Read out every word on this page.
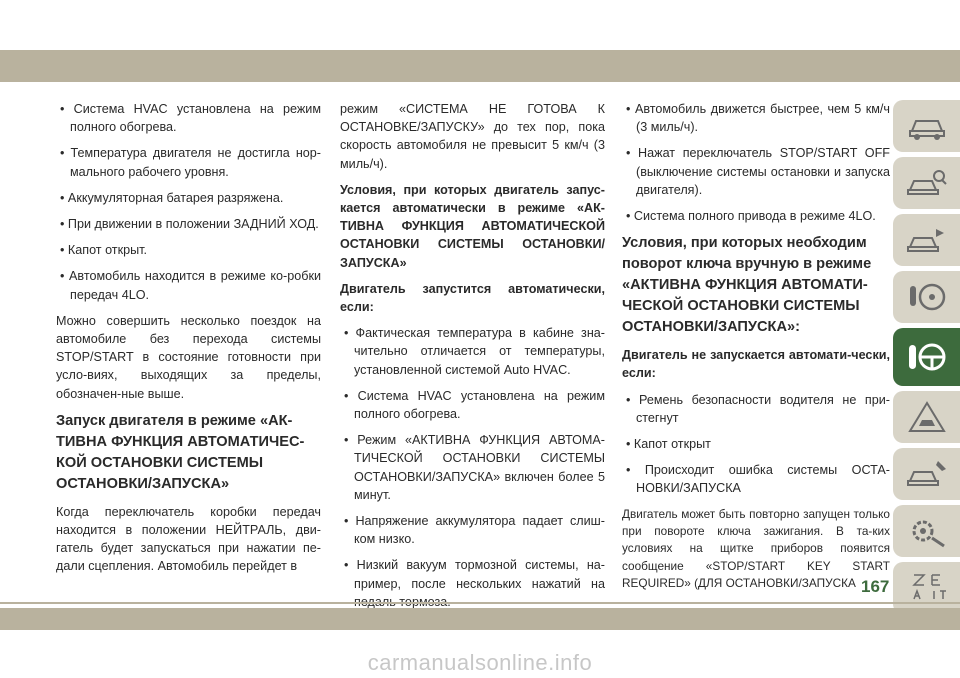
• Система HVAC установлена на режим полного обогрева.

• Температура двигателя не достигла нор-мального рабочего уровня.

• Аккумуляторная батарея разряжена.

• При движении в положении ЗАДНИЙ ХОД.

• Капот открыт.

• Автомобиль находится в режиме ко-робки передач 4LO.

Можно совершить несколько поездок на автомобиле без перехода системы STOP/START в состояние готовности при усло-виях, выходящих за пределы, обозначен-ные выше.

Запуск двигателя в режиме «АК-ТИВНА ФУНКЦИЯ АВТОМАТИЧЕС-КОЙ ОСТАНОВКИ СИСТЕМЫ ОСТАНОВКИ/ЗАПУСКА»

Когда переключатель коробки передач находится в положении НЕЙТРАЛЬ, дви-гатель будет запускаться при нажатии пе-дали сцепления. Автомобиль перейдет в

режим «СИСТЕМА НЕ ГОТОВА К ОСТАНОВКЕ/ЗАПУСКУ» до тех пор, пока скорость автомобиля не превысит 5 км/ч (3 миль/ч).

Условия, при которых двигатель запус-кается автоматически в режиме «АК-ТИВНА ФУНКЦИЯ АВТОМАТИЧЕСКОЙ ОСТАНОВКИ СИСТЕМЫ ОСТАНОВКИ/ЗАПУСКА»

Двигатель запустится автоматически, если:

• Фактическая температура в кабине зна-чительно отличается от температуры, установленной системой Auto HVAC.

• Система HVAC установлена на режим полного обогрева.

• Режим «АКТИВНА ФУНКЦИЯ АВТОМА-ТИЧЕСКОЙ ОСТАНОВКИ СИСТЕМЫ ОСТАНОВКИ/ЗАПУСКА» включен более 5 минут.

• Напряжение аккумулятора падает слиш-ком низко.

• Низкий вакуум тормозной системы, на-пример, после нескольких нажатий на

• Автомобиль движется быстрее, чем 5 км/ч (3 миль/ч).

• Нажат переключатель STOP/START OFF (выключение системы остановки и запуска двигателя).

• Система полного привода в режиме 4LO.

Условия, при которых необходим поворот ключа вручную в режиме «АКТИВНА ФУНКЦИЯ АВТОМАТИ-ЧЕСКОЙ ОСТАНОВКИ СИСТЕМЫ ОСТАНОВКИ/ЗАПУСКА»:

Двигатель не запускается автомати-чески, если:

• Ремень безопасности водителя не при-стегнут

• Капот открыт

• Происходит ошибка системы ОСТА-НОВКИ/ЗАПУСКА

Двигатель может быть повторно запущен только при повороте ключа зажигания. В та-ких условиях на щитке приборов появится сообщение «STOP/START KEY START REQUIRED» (ДЛЯ ОСТАНОВКИ/ЗАПУСКА 167
carmanualsonline.info
